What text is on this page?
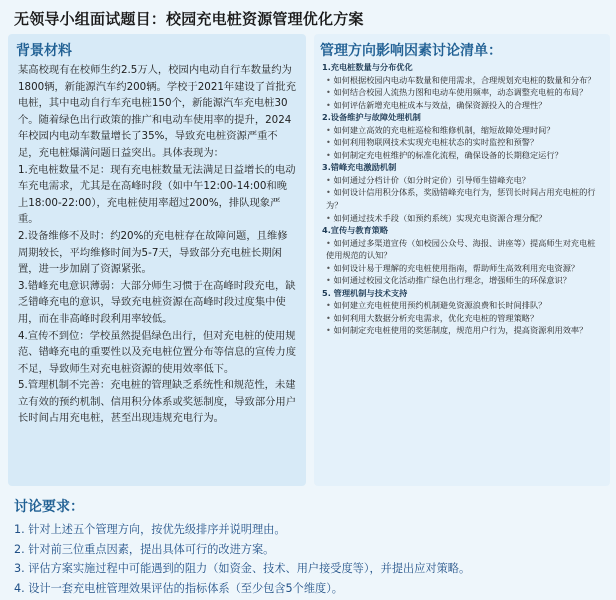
无领导小组面试题目：校园充电桩资源管理优化方案
背景材料

某高校现有在校师生约2.5万人，校园内电动自行车数量约为1800辆，新能源汽车约200辆。学校于2021年建设了首批充电桩，其中电动自行车充电桩150个，新能源汽车充电桩30个。随着绿色出行政策的推广和电动车使用率的提升，2024年校园内电动车数量增长了35%，导致充电桩资源严重不足，充电桩爆满问题日益突出。具体表现为：

1.充电桩数量不足：现有充电桩数量无法满足日益增长的电动车充电需求，尤其是在高峰时段（如中午12:00-14:00和晚上18:00-22:00），充电桩使用率超过200%，排队现象严重。

2.设备维修不及时：约20%的充电桩存在故障问题，且维修周期较长，平均维修时间为5-7天，导致部分充电桩长期闲置，进一步加剧了资源紧张。

3.错峰充电意识薄弱：大部分师生习惯于在高峰时段充电，缺乏错峰充电的意识，导致充电桩资源在高峰时段过度集中使用，而在非高峰时段利用率较低。

4.宣传不到位：学校虽然提倡绿色出行，但对充电桩的使用规范、错峰充电的重要性以及充电桩位置分布等信息的宣传力度不足，导致师生对充电桩资源的使用效率低下。

5.管理机制不完善：充电桩的管理缺乏系统性和规范性，未建立有效的预约机制、信用积分体系或奖惩制度，导致部分用户长时间占用充电桩，甚至出现违规充电行为。

管理方向影响因素讨论清单：
1.充电桩数量与分布优化
• 如何根据校园内电动车数量和使用需求，合理规划充电桩的数量和分布？
• 如何结合校园人流热力图和电动车使用频率，动态调整充电桩的布局？
• 如何评估新增充电桩成本与效益，确保资源投入的合理性？
2.设备维护与故障处理机制
• 如何建立高效的充电桩巡检和维修机制，缩短故障处理时间？
• 如何利用物联网技术实现充电桩状态的实时监控和预警？
• 如何制定充电桩维护的标准化流程，确保设备的长期稳定运行？
3.错峰充电激励机制
• 如何通过分档计价（如分时定价）引导师生错峰充电？
• 如何设计信用积分体系，奖励错峰充电行为，惩罚长时间占用充电桩的行为？
• 如何通过技术手段（如预约系统）实现充电资源合理分配？
4.宣传与教育策略
• 如何通过多渠道宣传（如校园公众号、海报、讲座等）提高师生对充电桩使用规范的认知？
• 如何设计易于理解的充电桩使用指南，帮助师生高效利用充电资源？
• 如何通过校园文化活动推广绿色出行理念，增强师生的环保意识？
5. 管理机制与技术支持
• 如何建立充电桩使用预约机制避免资源浪费和长时间排队？
• 如何利用大数据分析充电需求，优化充电桩的管理策略？
• 如何制定充电桩使用的奖惩制度，规范用户行为，提高资源利用效率？
讨论要求：
1. 针对上述五个管理方向，按优先级排序并说明理由。
2. 针对前三位重点因素，提出具体可行的改进方案。
3. 评估方案实施过程中可能遇到的阻力（如资金、技术、用户接受度等），并提出应对策略。
4. 设计一套充电桩管理效果评估的指标体系（至少包含5个维度）。
